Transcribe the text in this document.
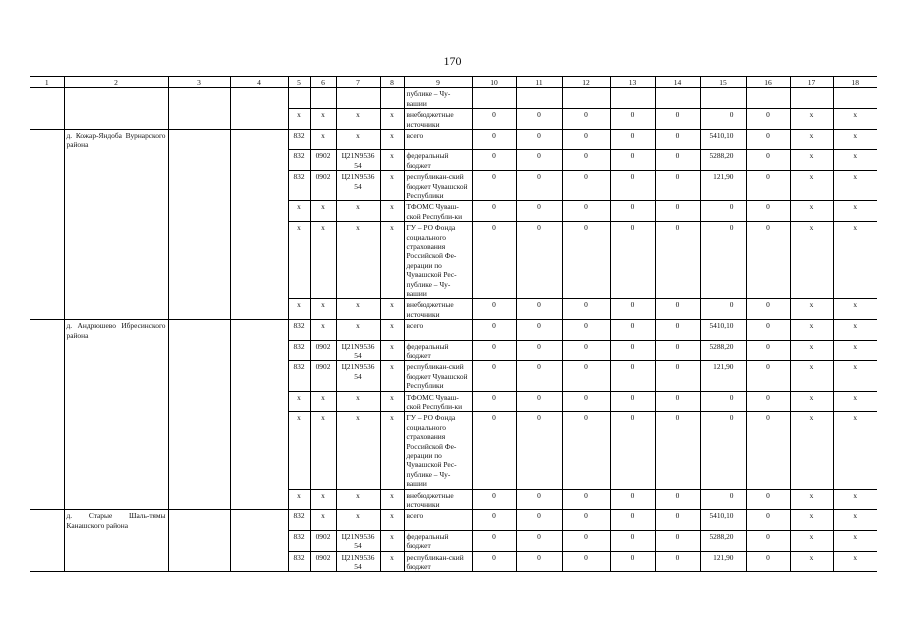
170
1	2	3	4	5	6	7	8	9	10	11	12	13	14	15	16	17	18
								публике – Чу-вашии									
				х	х	х	х	внебюджетные источники	0	0	0	0	0	0	0	х	х
	д. Кожар-Яндоба Вурнарского района			832	х	х	х	всего	0	0	0	0	0	5410,10	0	х	х
				832	0902	Ц21N9536 54	х	федеральный бюджет	0	0	0	0	0	5288,20	0	х	х
				832	0902	Ц21N9536 54	х	республикан-ский бюджет Чувашской Республики	0	0	0	0	0	121,90	0	х	х
				х	х	х	х	ТФОМС Чуваш-ской Республи-ки	0	0	0	0	0	0	0	х	х
				х	х	х	х	ГУ – РО Фонда социального страхования Российской Фе-дерации по Чувашской Рес-публике – Чу-вашии	0	0	0	0	0	0	0	х	х
				х	х	х	х	внебюджетные источники	0	0	0	0	0	0	0	х	х
	д. Андрюшево Ибресинского района			832	х	х	х	всего	0	0	0	0	0	5410,10	0	х	х
				832	0902	Ц21N9536 54	х	федеральный бюджет	0	0	0	0	0	5288,20	0	х	х
				832	0902	Ц21N9536 54	х	республикан-ский бюджет Чувашской Республики	0	0	0	0	0	121,90	0	х	х
				х	х	х	х	ТФОМС Чуваш-ской Республи-ки	0	0	0	0	0	0	0	х	х
				х	х	х	х	ГУ – РО Фонда социального страхования Российской Фе-дерации по Чувашской Рес-публике – Чу-вашии	0	0	0	0	0	0	0	х	х
				х	х	х	х	внебюджетные источники	0	0	0	0	0	0	0	х	х
	д. Старые Шаль-тямы Канашского района			832	х	х	х	всего	0	0	0	0	0	5410,10	0	х	х
				832	0902	Ц21N9536 54	х	федеральный бюджет	0	0	0	0	0	5288,20	0	х	х
				832	0902	Ц21N9536 54	х	республикан-ский бюджет	0	0	0	0	0	121,90	0	х	х
